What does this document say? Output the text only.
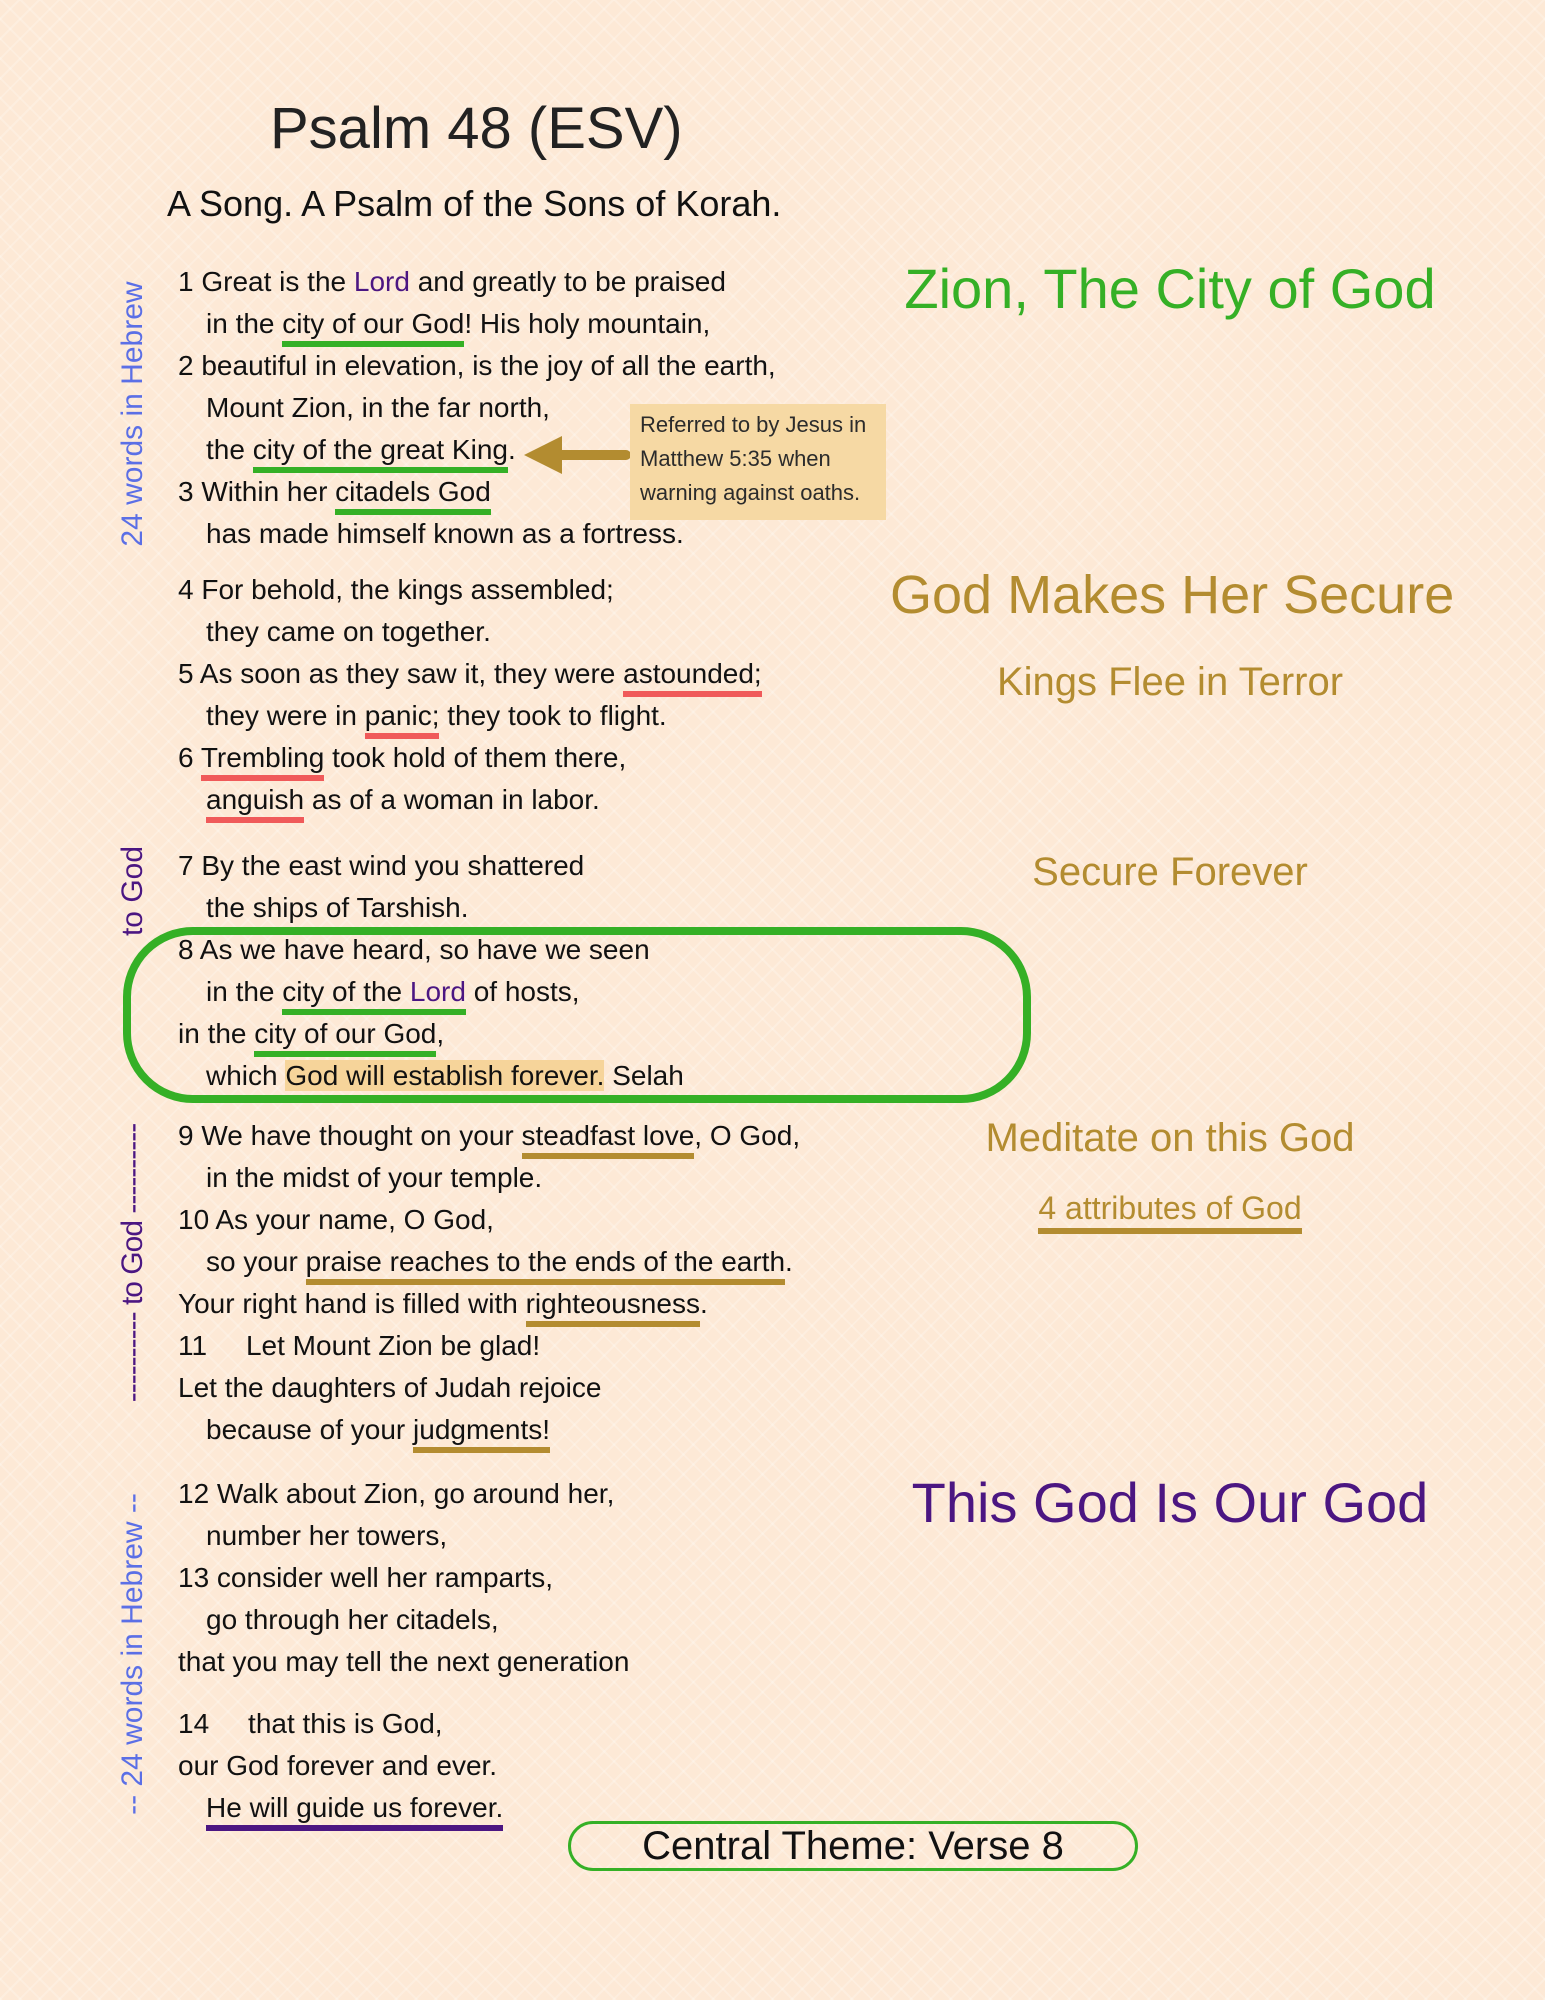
Psalm 48 (ESV)
A Song. A Psalm of the Sons of Korah.
24 words in Hebrew
to God
---------- to God ----------
-- 24 words in Hebrew --
Zion, The City of God
God Makes Her Secure
Kings Flee in Terror
Secure Forever
Meditate on this God
4 attributes of God
This God Is Our God
Referred to by Jesus in
Matthew 5:35 when
warning against oaths.
1 Great is the Lord and greatly to be praised
in the city of our God! His holy mountain,
2 beautiful in elevation, is the joy of all the earth,
Mount Zion, in the far north,
the city of the great King.
3 Within her citadels God
has made himself known as a fortress.
4 For behold, the kings assembled;
they came on together.
5 As soon as they saw it, they were astounded;
they were in panic; they took to flight.
6 Trembling took hold of them there,
anguish as of a woman in labor.
7 By the east wind you shattered
the ships of Tarshish.
8 As we have heard, so have we seen
in the city of the Lord of hosts,
in the city of our God,
which God will establish forever. Selah
9 We have thought on your steadfast love, O God,
in the midst of your temple.
10 As your name, O God,
so your praise reaches to the ends of the earth.
Your right hand is filled with righteousness.
11     Let Mount Zion be glad!
Let the daughters of Judah rejoice
because of your judgments!
12 Walk about Zion, go around her,
number her towers,
13 consider well her ramparts,
go through her citadels,
that you may tell the next generation
14     that this is God,
our God forever and ever.
He will guide us forever.
Central Theme: Verse 8
